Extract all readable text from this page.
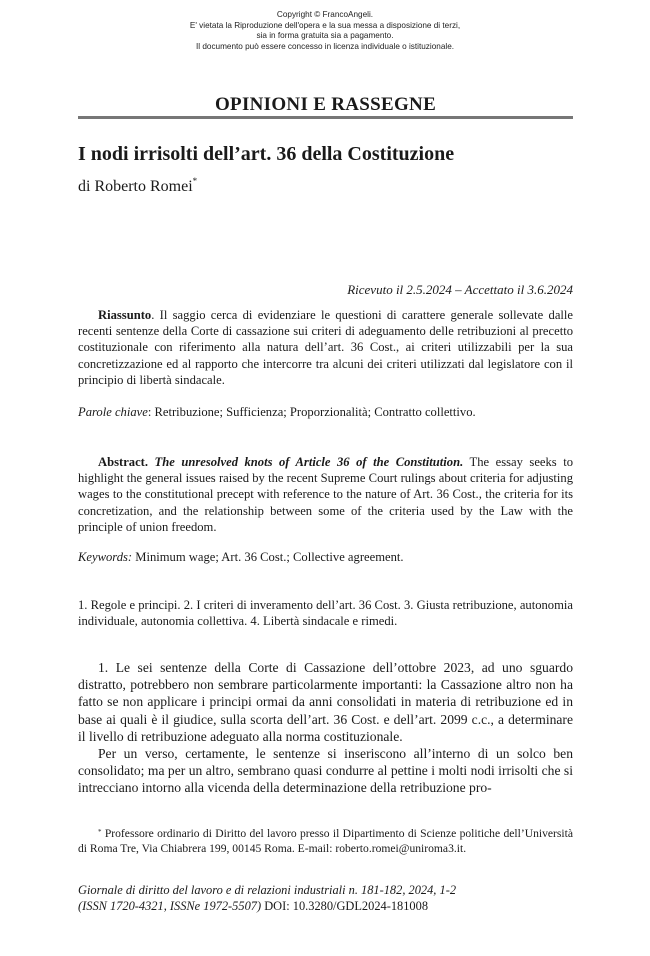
Copyright © FrancoAngeli.
E' vietata la Riproduzione dell'opera e la sua messa a disposizione di terzi,
sia in forma gratuita sia a pagamento.
Il documento può essere concesso in licenza individuale o istituzionale.
OPINIONI E RASSEGNE
I nodi irrisolti dell’art. 36 della Costituzione
di Roberto Romei*
Ricevuto il 2.5.2024 – Accettato il 3.6.2024
Riassunto. Il saggio cerca di evidenziare le questioni di carattere generale sollevate dalle recenti sentenze della Corte di cassazione sui criteri di adeguamento delle retribuzioni al precetto costituzionale con riferimento alla natura dell’art. 36 Cost., ai criteri utilizzabili per la sua concretizzazione ed al rapporto che intercorre tra alcuni dei criteri utilizzati dal legislatore con il principio di libertà sindacale.
Parole chiave: Retribuzione; Sufficienza; Proporzionalità; Contratto collettivo.
Abstract. The unresolved knots of Article 36 of the Constitution. The essay seeks to highlight the general issues raised by the recent Supreme Court rulings about criteria for adjusting wages to the constitutional precept with reference to the nature of Art. 36 Cost., the criteria for its concretization, and the relationship between some of the criteria used by the Law with the principle of union freedom.
Keywords: Minimum wage; Art. 36 Cost.; Collective agreement.
1. Regole e principi. 2. I criteri di inveramento dell’art. 36 Cost. 3. Giusta retribuzione, autonomia individuale, autonomia collettiva. 4. Libertà sindacale e rimedi.

1. Le sei sentenze della Corte di Cassazione dell’ottobre 2023, ad uno sguardo distratto, potrebbero non sembrare particolarmente importanti: la Cassazione altro non ha fatto se non applicare i principi ormai da anni consolidati in materia di retribuzione ed in base ai quali è il giudice, sulla scorta dell’art. 36 Cost. e dell’art. 2099 c.c., a determinare il livello di retribuzione adeguato alla norma costituzionale.

Per un verso, certamente, le sentenze si inseriscono all’interno di un solco ben consolidato; ma per un altro, sembrano quasi condurre al pettine i molti nodi irrisolti che si intrecciano intorno alla vicenda della determinazione della retribuzione pro-

* Professore ordinario di Diritto del lavoro presso il Dipartimento di Scienze politiche dell’Università di Roma Tre, Via Chiabrera 199, 00145 Roma. E-mail: roberto.romei@uniroma3.it.
Giornale di diritto del lavoro e di relazioni industriali n. 181-182, 2024, 1-2
(ISSN 1720-4321, ISSNe 1972-5507) DOI: 10.3280/GDL2024-181008
